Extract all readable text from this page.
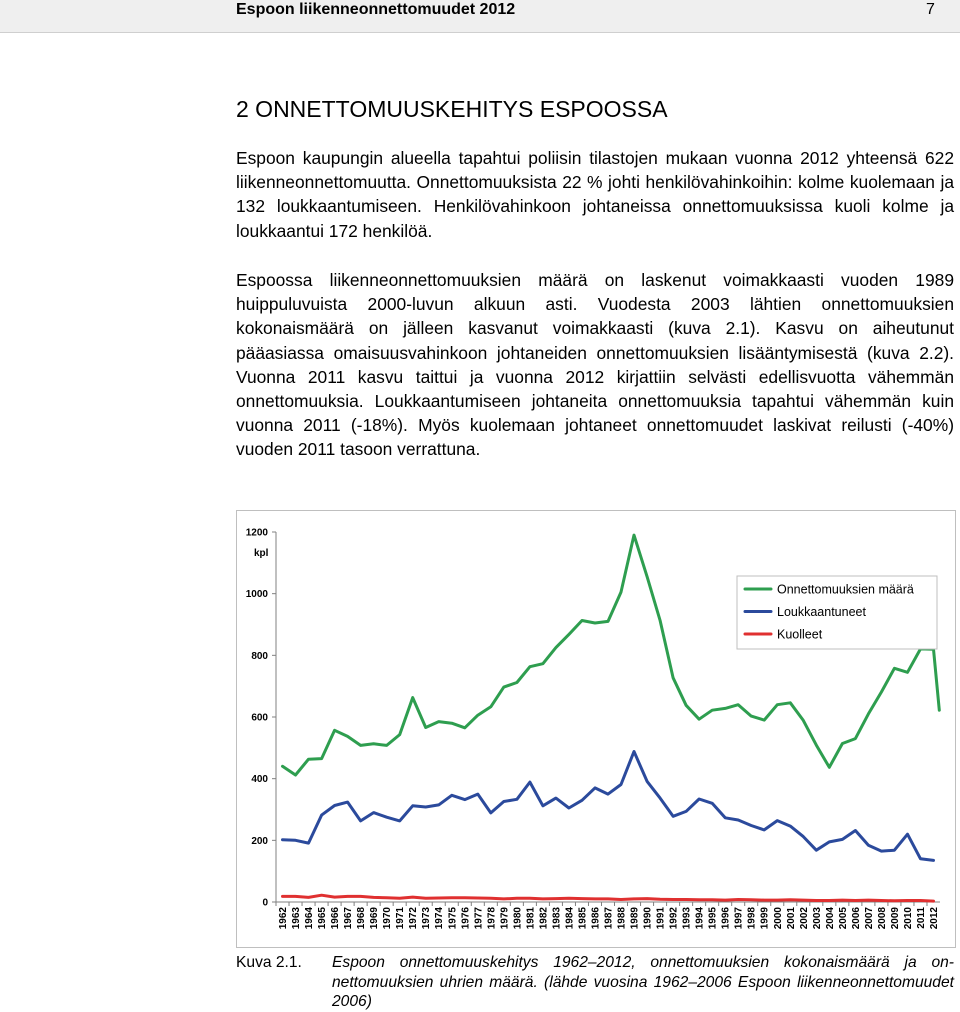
Espoon liikenneonnettomuudet 2012	7
2 ONNETTOMUUSKEHITYS ESPOOSSA

Espoon kaupungin alueella tapahtui poliisin tilastojen mukaan vuonna 2012 yhteensä 622 liikenneonnettomuutta. Onnettomuuksista 22 % johti henkilövahinkoihin: kolme kuolemaan ja 132 loukkaantumiseen. Henkilövahinkoon johtaneissa onnettomuuksissa kuoli kolme ja loukkaantui 172 henkilöä.

Espoossa liikenneonnettomuuksien määrä on laskenut voimakkaasti vuoden 1989 huippuluvuista 2000-luvun alkuun asti. Vuodesta 2003 lähtien onnettomuuksien kokonaismäärä on jälleen kasvanut voimakkaasti (kuva 2.1). Kasvu on aiheutunut pääasiassa omaisuusvahinkoon johtaneiden onnettomuuksien lisääntymisestä (kuva 2.2). Vuonna 2011 kasvu taittui ja vuonna 2012 kirjattiin selvästi edellisvuotta vähemmän onnettomuuksia. Loukkaantumiseen johtaneita onnettomuuksia tapahtui vähemmän kuin vuonna 2011 (-18%). Myös kuolemaan johtaneet onnettomuudet laskivat reilusti (-40%) vuoden 2011 tasoon verrattuna.

kpl
0
200
400
600
800
1000
1200
1962 1963 1964 1965 1966 1967 1968 1969 1970 1971 1972 1973 1974 1975 1976 1977 1978 1979 1980 1981 1982 1983 1984 1985 1986 1987 1988 1989 1990 1991 1992 1993 1994 1995 1996 1997 1998 1999 2000 2001 2002 2003 2004 2005 2006 2007 2008 2009 2010 2011 2012
Onnettomuuksien määrä
Loukkaantuneet
Kuolleet
Kuva 2.1. Espoon onnettomuuskehitys 1962–2012, onnettomuuksien kokonaismäärä ja onnettomuuksien uhrien määrä. (lähde vuosina 1962–2006 Espoon liikenneonnettomuudet 2006)
